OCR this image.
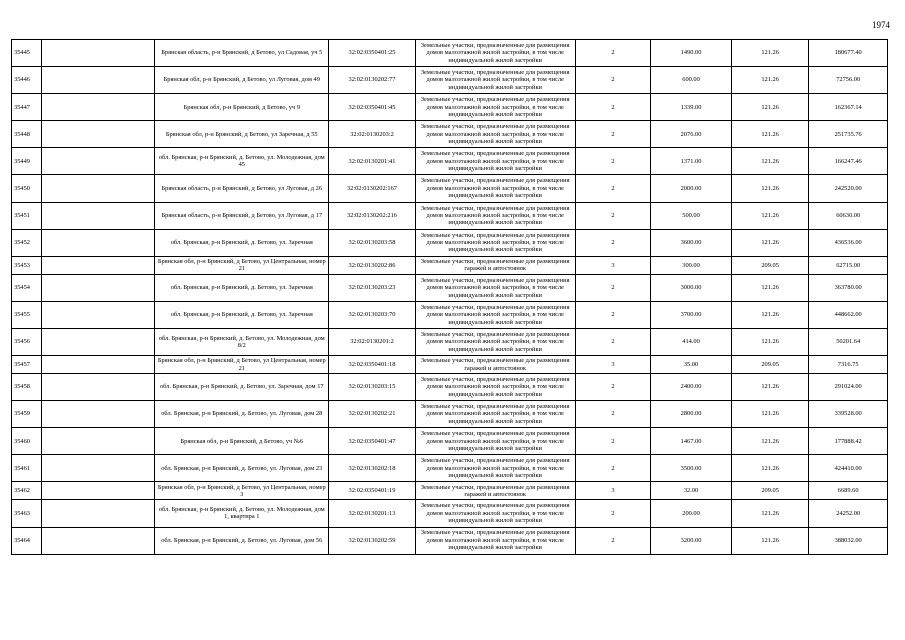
1974
35445		Брянская область, р-н Брянский, д Бетово, ул Садовая, уч 5	32:02:0350401:25	Земельные участки, предназначенные для размещения домов малоэтажной жилой застройки, в том числе индивидуальной жилой застройки	2	1490.00	121.26	180677.40
35446		Брянская обл, р-н Брянский, д Бетово, ул Луговая, дом 49	32:02:0130202:77	Земельные участки, предназначенные для размещения домов малоэтажной жилой застройки, в том числе индивидуальной жилой застройки	2	600.00	121.26	72756.00
35447		Брянская обл, р-н Брянский, д Бетово, уч 9	32:02:0350401:45	Земельные участки, предназначенные для размещения домов малоэтажной жилой застройки, в том числе индивидуальной жилой застройки	2	1339.00	121.26	162367.14
35448		Брянская обл, р-н Брянский, д Бетово, ул Заречная, д 55	32:02:0130203:2	Земельные участки, предназначенные для размещения домов малоэтажной жилой застройки, в том числе индивидуальной жилой застройки	2	2076.00	121.26	251735.76
35449		обл. Брянская, р-н Брянский, д. Бетово, ул. Молодежная, дом 45	32:02:0130201:41	Земельные участки, предназначенные для размещения домов малоэтажной жилой застройки, в том числе индивидуальной жилой застройки	2	1371.00	121.26	166247.46
35450		Брянская область, р-н Брянский, д Бетово, ул Луговая, д 26	32:02:0130202:167	Земельные участки, предназначенные для размещения домов малоэтажной жилой застройки, в том числе индивидуальной жилой застройки	2	2000.00	121.26	242520.00
35451		Брянская область, р-н Брянский, д Бетово, ул Луговая, д 17	32:02:0130202:216	Земельные участки, предназначенные для размещения домов малоэтажной жилой застройки, в том числе индивидуальной жилой застройки	2	500.00	121.26	60630.00
35452		обл. Брянская, р-н Брянский, д. Бетово, ул. Заречная	32:02:0130203:58	Земельные участки, предназначенные для размещения домов малоэтажной жилой застройки, в том числе индивидуальной жилой застройки	2	3600.00	121.26	436536.00
35453		Брянская обл, р-н Брянский, д Бетово, ул Центральная, номер 21	32:02:0130202:86	Земельные участки, предназначенные для размещения гаражей и автостоянок	3	300.00	209.05	62715.00
35454		обл. Брянская, р-н Брянский, д. Бетово, ул. Заречная	32:02:0130203:23	Земельные участки, предназначенные для размещения домов малоэтажной жилой застройки, в том числе индивидуальной жилой застройки	2	3000.00	121.26	363780.00
35455		обл. Брянская, р-н Брянский, д. Бетово, ул. Заречная	32:02:0130203:70	Земельные участки, предназначенные для размещения домов малоэтажной жилой застройки, в том числе индивидуальной жилой застройки	2	3700.00	121.26	448662.00
35456		обл. Брянская, р-н Брянский, д. Бетово, ул. Молодежная, дом 8/2	32:02:0130201:2	Земельные участки, предназначенные для размещения домов малоэтажной жилой застройки, в том числе индивидуальной жилой застройки	2	414.00	121.26	50201.64
35457		Брянская обл, р-н Брянский, д Бетово, ул Центральная, номер 21	32:02:0350401:18	Земельные участки, предназначенные для размещения гаражей и автостоянок	3	35.00	209.05	7316.75
35458		обл. Брянская, р-н Брянский, д. Бетово, ул. Заречная, дом 17	32:02:0130203:15	Земельные участки, предназначенные для размещения домов малоэтажной жилой застройки, в том числе индивидуальной жилой застройки	2	2400.00	121.26	291024.00
35459		обл. Брянская, р-н Брянский, д. Бетово, ул. Луговая, дом 28	32:02:0130202:21	Земельные участки, предназначенные для размещения домов малоэтажной жилой застройки, в том числе индивидуальной жилой застройки	2	2800.00	121.26	339528.00
35460		Брянская обл, р-н Брянский, д Бетово, уч №6	32:02:0350401:47	Земельные участки, предназначенные для размещения домов малоэтажной жилой застройки, в том числе индивидуальной жилой застройки	2	1467.00	121.26	177888.42
35461		обл. Брянская, р-н Брянский, д. Бетово, ул. Луговая, дом 23	32:02:0130202:18	Земельные участки, предназначенные для размещения домов малоэтажной жилой застройки, в том числе индивидуальной жилой застройки	2	3500.00	121.26	424410.00
35462		Брянская обл, р-н Брянский, д Бетово, ул Центральная, номер 3	32:02:0350401:19	Земельные участки, предназначенные для размещения гаражей и автостоянок	3	32.00	209.05	6689.60
35463		обл. Брянская, р-н Брянский, д. Бетово, ул. Молодежная, дом 1, квартира 1	32:02:0130201:13	Земельные участки, предназначенные для размещения домов малоэтажной жилой застройки, в том числе индивидуальной жилой застройки	2	200.00	121.26	24252.00
35464		обл. Брянская, р-н Брянский, д. Бетово, ул. Луговая, дом 56	32:02:0130202:59	Земельные участки, предназначенные для размещения домов малоэтажной жилой застройки, в том числе индивидуальной жилой застройки	2	3200.00	121.26	388032.00
